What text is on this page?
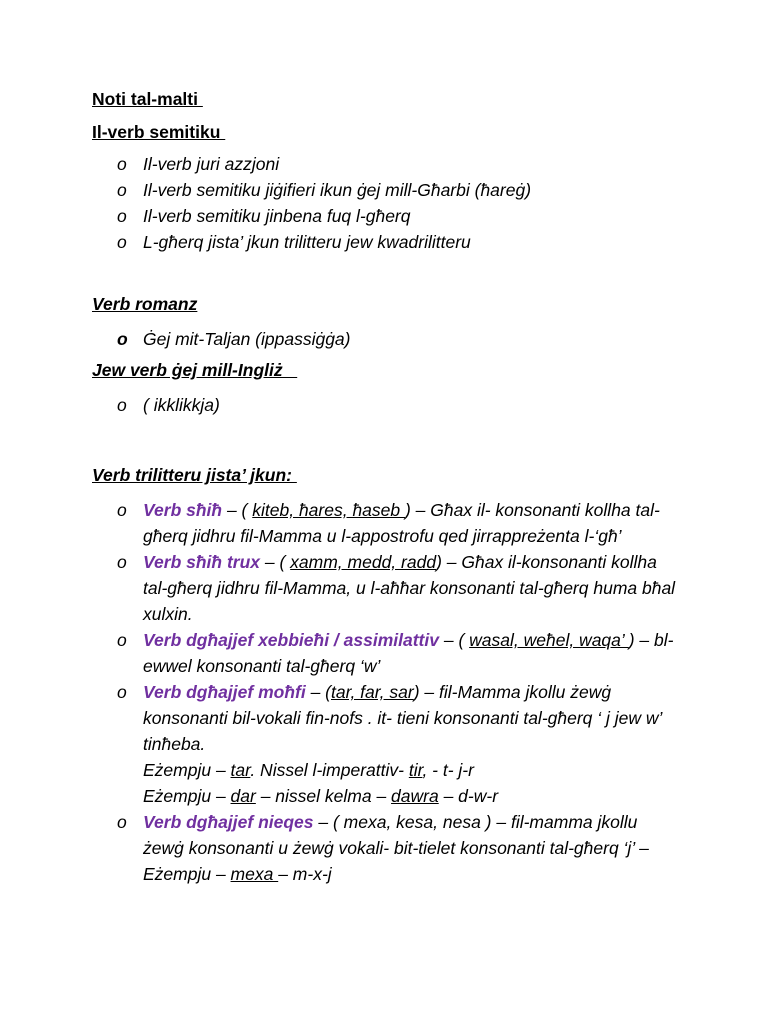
Noti tal-malti
Il-verb semitiku
o Il-verb juri azzjoni
o Il-verb semitiku jiġifieri ikun ġej mill-Għarbi (ħareġ)
o Il-verb semitiku jinbena fuq l-għerq
o L-għerq jista’ jkun trilitteru jew kwadrilitteru
Verb romanz
o Ġej mit-Taljan (ippassiġġa)
Jew verb ġej mill-Ingliż
o ( ikklikkja)
Verb trilitteru jista’ jkun:
o Verb sħiħ – ( kiteb, ħares, ħaseb ) – Għax il- konsonanti kollha tal-għerq jidhru fil-Mamma u l-appostrofu qed jirrappreżenta l-‘għ’
o Verb sħiħ trux – ( xamm, medd, radd) – Għax il-konsonanti kollha tal-għerq jidhru fil-Mamma, u l-aħħar konsonanti tal-għerq huma bħal xulxin.
o Verb dgħajjef xebbieħi / assimilattiv – ( wasal, weħel, waqa’ ) – bl-ewwel konsonanti tal-għerq ‘w’
o Verb dgħajjef moħfi – (tar, far, sar) – fil-Mamma jkollu żewġ konsonanti bil-vokali fin-nofs . it- tieni konsonanti tal-għerq ‘ j jew w’ tinħeba.
Eżempju – tar. Nissel l-imperattiv- tir, - t- j-r
Eżempju – dar – nissel kelma – dawra – d-w-r
o Verb dgħajjef nieqes – ( mexa, kesa, nesa ) – fil-mamma jkollu żewġ konsonanti u żewġ vokali- bit-tielet konsonanti tal-għerq ‘j’ – Eżempju – mexa – m-x-j
